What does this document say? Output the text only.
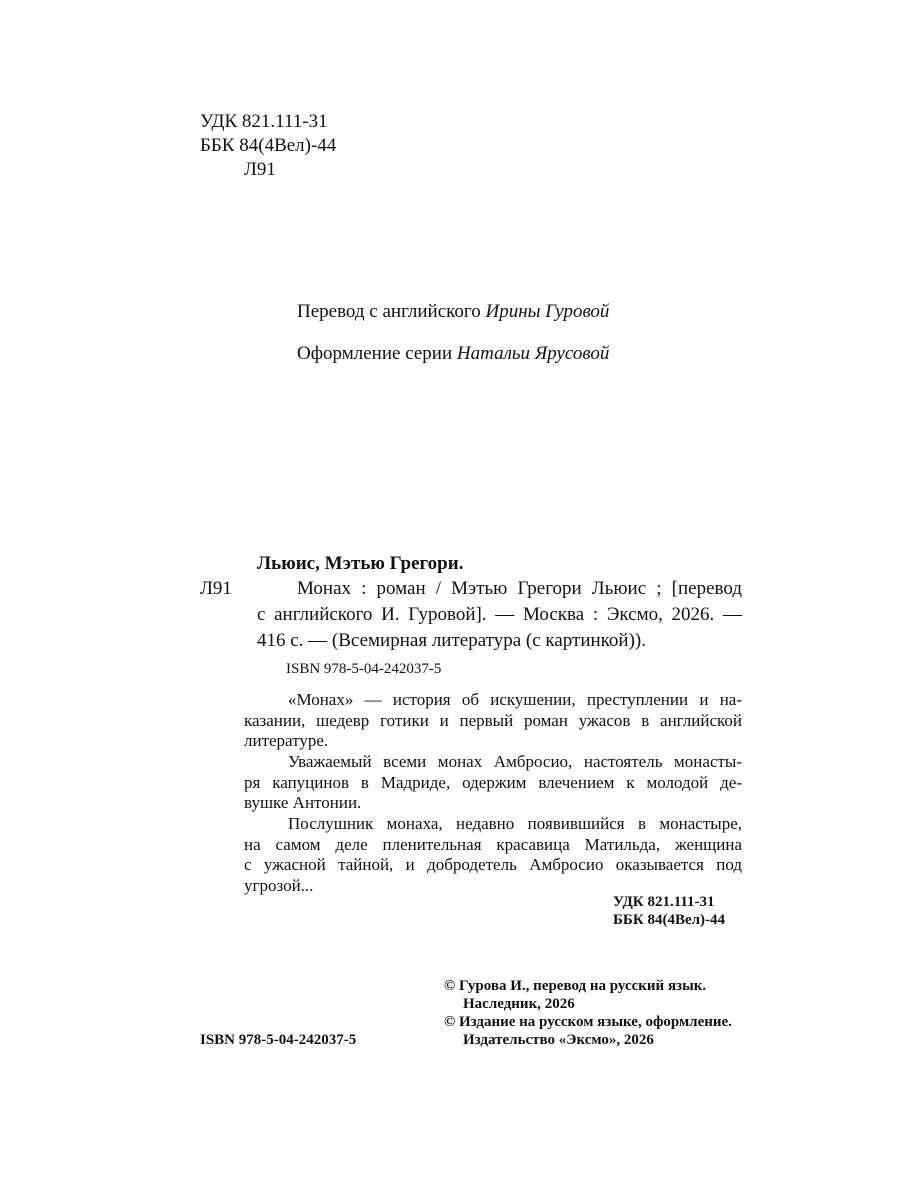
УДК 821.111-31
ББК 84(4Вел)-44
Л91
Перевод с английского Ирины Гуровой
Оформление серии Натальи Ярусовой
Льюис, Мэтью Грегори.
Л91	Монах : роман / Мэтью Грегори Льюис ; [перевод
с английского И. Гуровой]. — Москва : Эксмо, 2026. —
416 с. — (Всемирная литература (с картинкой)).
ISBN 978-5-04-242037-5
«Монах» — история об искушении, преступлении и на-
казании, шедевр готики и первый роман ужасов в английской
литературе.
Уважаемый всеми монах Амбросио, настоятель монасты-
ря капуцинов в Мадриде, одержим влечением к молодой де-
вушке Антонии.
Послушник монаха, недавно появившийся в монастыре,
на самом деле пленительная красавица Матильда, женщина
с ужасной тайной, и добродетель Амбросио оказывается под
угрозой...
УДК 821.111-31
ББК 84(4Вел)-44
© Гурова И., перевод на русский язык.
Наследник, 2026
© Издание на русском языке, оформление.
ISBN 978-5-04-242037-5	Издательство «Эксмо», 2026
